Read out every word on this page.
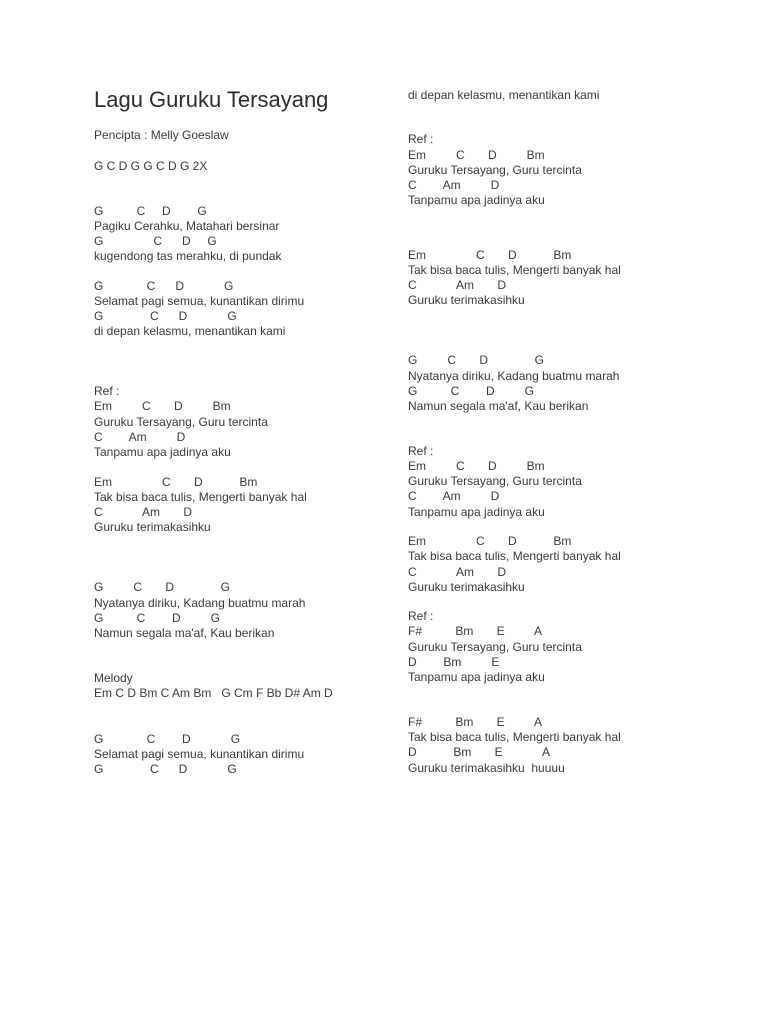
Lagu Guruku Tersayang
Pencipta : Melly Goeslaw
G C D G G C D G 2X
G          C     D        G
Pagiku Cerahku, Matahari bersinar
G               C      D     G
kugendong tas merahku, di pundak
G             C      D            G
Selamat pagi semua, kunantikan dirimu
G              C      D            G
di depan kelasmu, menantikan kami
Ref :
Em         C       D         Bm
Guruku Tersayang, Guru tercinta
C        Am         D
Tanpamu apa jadinya aku
Em               C       D           Bm
Tak bisa baca tulis, Mengerti banyak hal
C            Am       D
Guruku terimakasihku
G         C       D              G
Nyatanya diriku, Kadang buatmu marah
G          C        D         G
Namun segala ma'af, Kau berikan
Melody
Em C D Bm C Am Bm   G Cm F Bb D# Am D
G             C        D            G
Selamat pagi semua, kunantikan dirimu
G              C      D            G
di depan kelasmu, menantikan kami
Ref :
Em         C       D         Bm
Guruku Tersayang, Guru tercinta
C        Am         D
Tanpamu apa jadinya aku
Em               C       D           Bm
Tak bisa baca tulis, Mengerti banyak hal
C            Am       D
Guruku terimakasihku
G         C       D              G
Nyatanya diriku, Kadang buatmu marah
G          C        D         G
Namun segala ma'af, Kau berikan
Ref :
Em         C       D         Bm
Guruku Tersayang, Guru tercinta
C        Am         D
Tanpamu apa jadinya aku
Em               C       D           Bm
Tak bisa baca tulis, Mengerti banyak hal
C            Am       D
Guruku terimakasihku
Ref :
F#          Bm       E         A
Guruku Tersayang, Guru tercinta
D        Bm         E
Tanpamu apa jadinya aku
F#          Bm       E         A
Tak bisa baca tulis, Mengerti banyak hal
D           Bm       E            A
Guruku terimakasihku  huuuu
